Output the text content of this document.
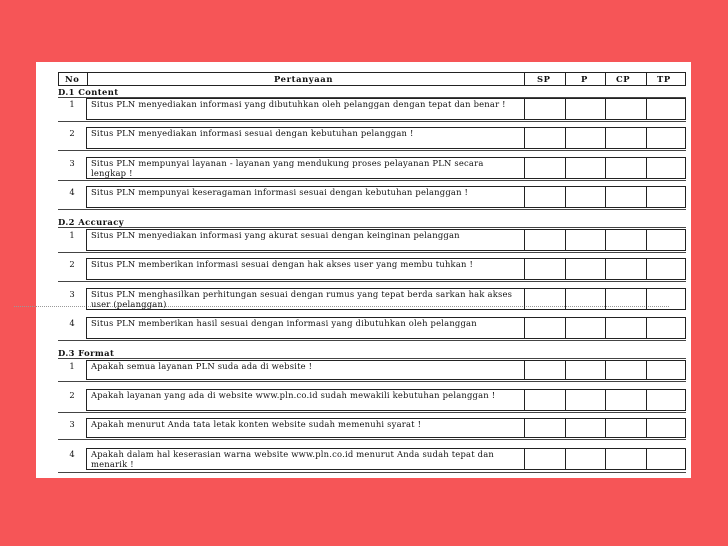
No	Pertanyaan	SP	P	CP	TP
D.1 Content
1	Situs PLN menyediakan informasi yang dibutuhkan oleh pelanggan dengan tepat dan benar !
2	Situs PLN menyediakan informasi sesuai dengan kebutuhan pelanggan !
3	Situs PLN mempunyai layanan - layanan yang mendukung proses pelayanan PLN secara lengkap !
4	Situs PLN mempunyai keseragaman informasi sesuai dengan kebutuhan pelanggan !
D.2 Accuracy
1	Situs PLN menyediakan informasi yang akurat sesuai dengan keinginan pelanggan
2	Situs PLN memberikan informasi sesuai dengan hak akses user yang membu tuhkan !
3	Situs PLN menghasilkan perhitungan sesuai dengan rumus yang tepat berda sarkan hak akses user (pelanggan)
4	Situs PLN memberikan hasil sesuai dengan informasi yang dibutuhkan oleh pelanggan
D.3 Format
1	Apakah semua layanan PLN suda ada di website !
2	Apakah layanan yang ada di website www.pln.co.id sudah mewakili kebutuhan pelanggan !
3	Apakah menurut Anda tata letak konten website sudah memenuhi syarat !
4	Apakah dalam hal keserasian warna website www.pln.co.id menurut Anda sudah tepat dan menarik !
